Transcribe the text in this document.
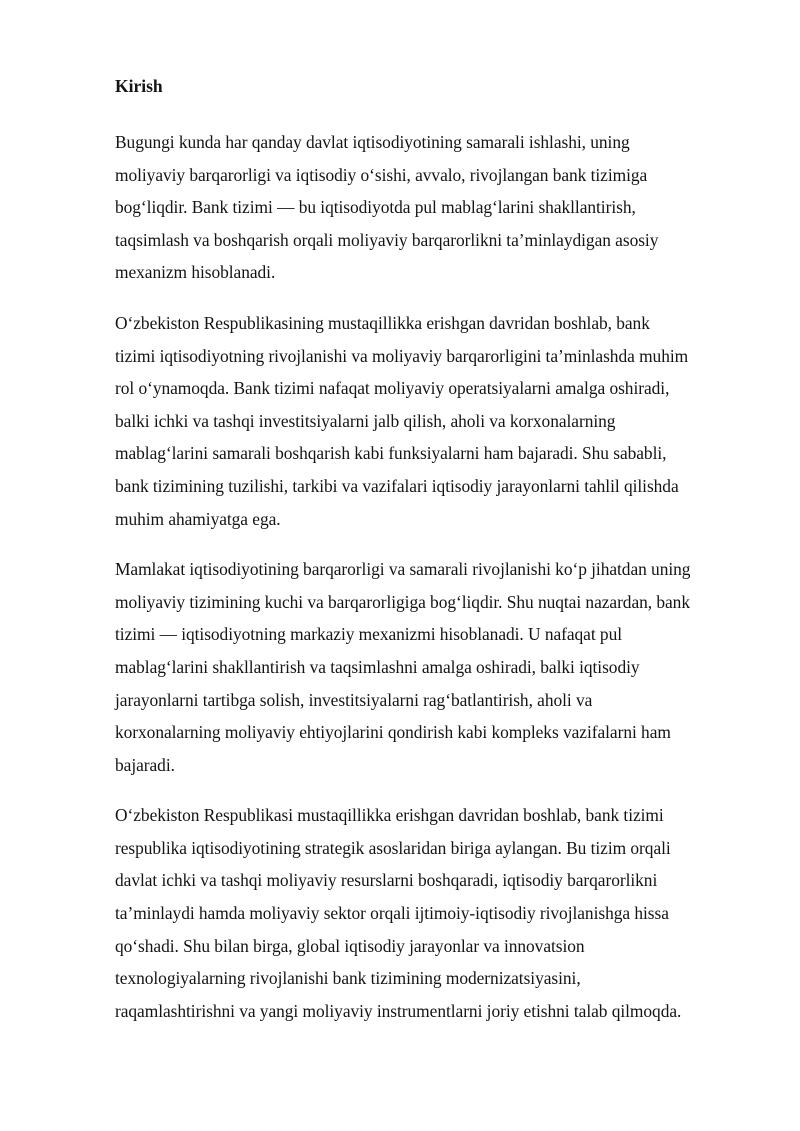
Kirish
Bugungi kunda har qanday davlat iqtisodiyotining samarali ishlashi, uning
moliyaviy barqarorligi va iqtisodiy o‘sishi, avvalo, rivojlangan bank tizimiga
bog‘liqdir. Bank tizimi — bu iqtisodiyotda pul mablag‘larini shakllantirish,
taqsimlash va boshqarish orqali moliyaviy barqarorlikni ta’minlaydigan asosiy
mexanizm hisoblanadi.
O‘zbekiston Respublikasining mustaqillikka erishgan davridan boshlab, bank
tizimi iqtisodiyotning rivojlanishi va moliyaviy barqarorligini ta’minlashda muhim
rol o‘ynamoqda. Bank tizimi nafaqat moliyaviy operatsiyalarni amalga oshiradi,
balki ichki va tashqi investitsiyalarni jalb qilish, aholi va korxonalarning
mablag‘larini samarali boshqarish kabi funksiyalarni ham bajaradi. Shu sababli,
bank tizimining tuzilishi, tarkibi va vazifalari iqtisodiy jarayonlarni tahlil qilishda
muhim ahamiyatga ega.
Mamlakat iqtisodiyotining barqarorligi va samarali rivojlanishi ko‘p jihatdan uning
moliyaviy tizimining kuchi va barqarorligiga bog‘liqdir. Shu nuqtai nazardan, bank
tizimi — iqtisodiyotning markaziy mexanizmi hisoblanadi. U nafaqat pul
mablag‘larini shakllantirish va taqsimlashni amalga oshiradi, balki iqtisodiy
jarayonlarni tartibga solish, investitsiyalarni rag‘batlantirish, aholi va
korxonalarning moliyaviy ehtiyojlarini qondirish kabi kompleks vazifalarni ham
bajaradi.
O‘zbekiston Respublikasi mustaqillikka erishgan davridan boshlab, bank tizimi
respublika iqtisodiyotining strategik asoslaridan biriga aylangan. Bu tizim orqali
davlat ichki va tashqi moliyaviy resurslarni boshqaradi, iqtisodiy barqarorlikni
ta’minlaydi hamda moliyaviy sektor orqali ijtimoiy-iqtisodiy rivojlanishga hissa
qo‘shadi. Shu bilan birga, global iqtisodiy jarayonlar va innovatsion
texnologiyalarning rivojlanishi bank tizimining modernizatsiyasini,
raqamlashtirishni va yangi moliyaviy instrumentlarni joriy etishni talab qilmoqda.
